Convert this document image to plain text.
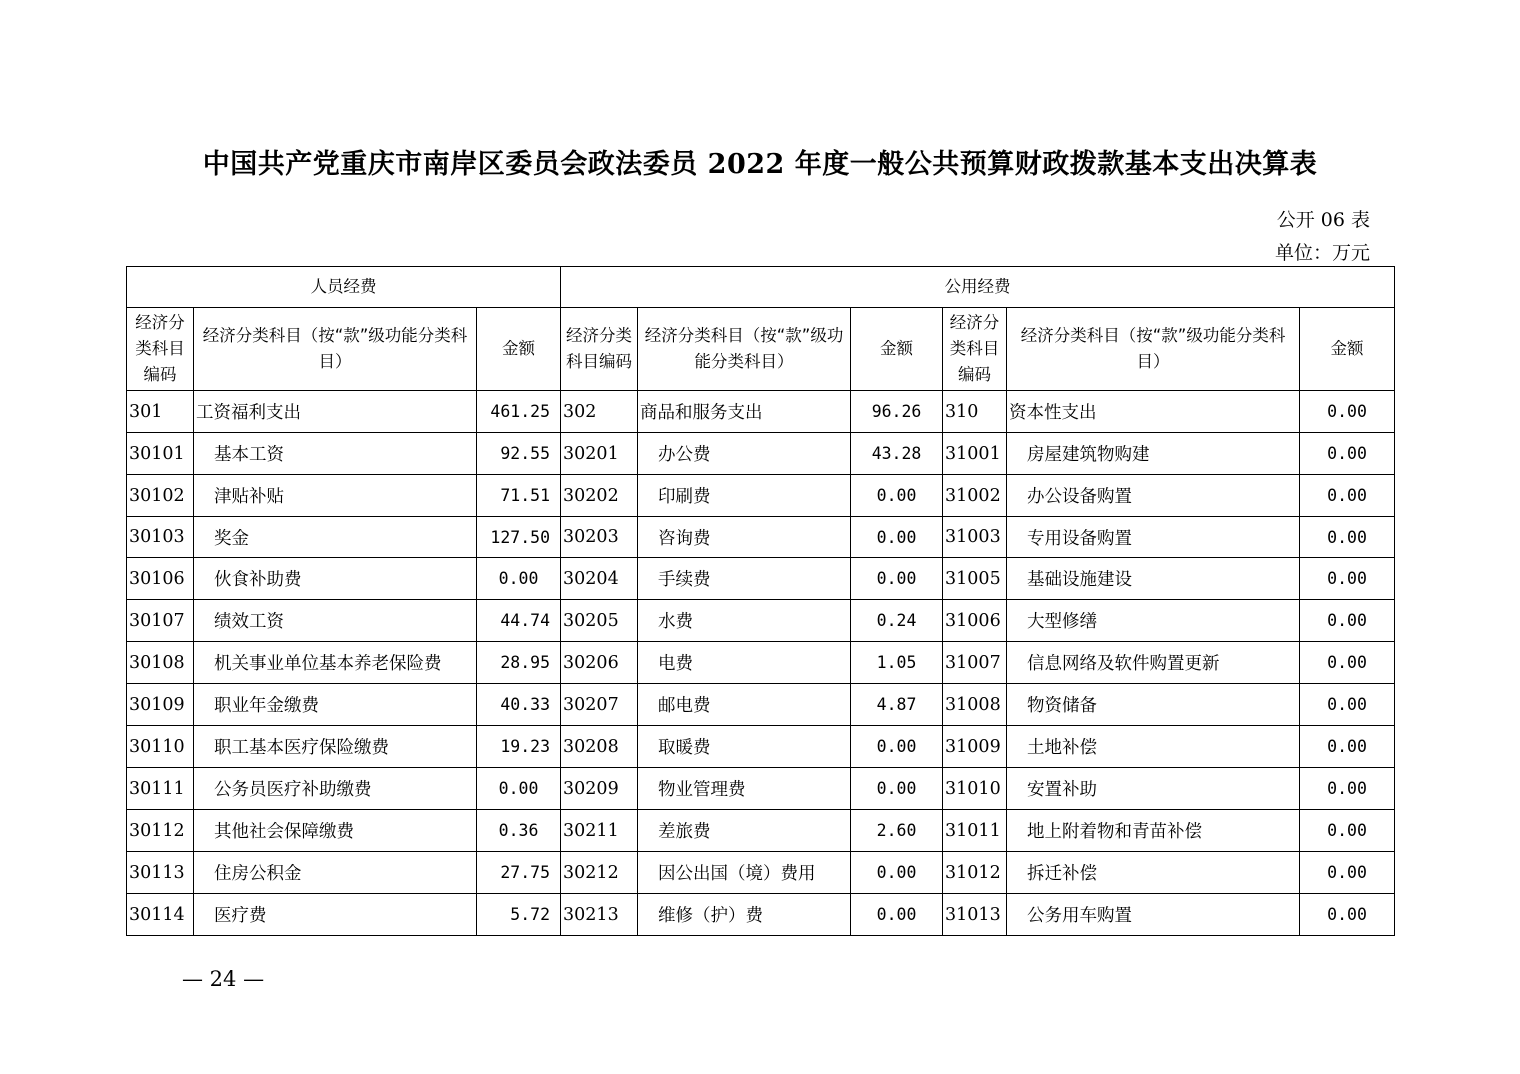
中国共产党重庆市南岸区委员会政法委员 2022 年度一般公共预算财政拨款基本支出决算表
公开 06 表
单位：万元
人员经费			公用经费					
经济分类科目编码	经济分类科目（按“款”级功能分类科目）	金额	经济分类科目编码	经济分类科目（按“款”级功能分类科目）	金额	经济分类科目编码	经济分类科目（按“款”级功能分类科目）	金额
301	工资福利支出	461.25	302	商品和服务支出	96.26	310	资本性支出	0.00
30101	基本工资	92.55	30201	办公费	43.28	31001	房屋建筑物购建	0.00
30102	津贴补贴	71.51	30202	印刷费	0.00	31002	办公设备购置	0.00
30103	奖金	127.50	30203	咨询费	0.00	31003	专用设备购置	0.00
30106	伙食补助费	0.00	30204	手续费	0.00	31005	基础设施建设	0.00
30107	绩效工资	44.74	30205	水费	0.24	31006	大型修缮	0.00
30108	机关事业单位基本养老保险费	28.95	30206	电费	1.05	31007	信息网络及软件购置更新	0.00
30109	职业年金缴费	40.33	30207	邮电费	4.87	31008	物资储备	0.00
30110	职工基本医疗保险缴费	19.23	30208	取暖费	0.00	31009	土地补偿	0.00
30111	公务员医疗补助缴费	0.00	30209	物业管理费	0.00	31010	安置补助	0.00
30112	其他社会保障缴费	0.36	30211	差旅费	2.60	31011	地上附着物和青苗补偿	0.00
30113	住房公积金	27.75	30212	因公出国（境）费用	0.00	31012	拆迁补偿	0.00
30114	医疗费	5.72	30213	维修（护）费	0.00	31013	公务用车购置	0.00
— 24 —
